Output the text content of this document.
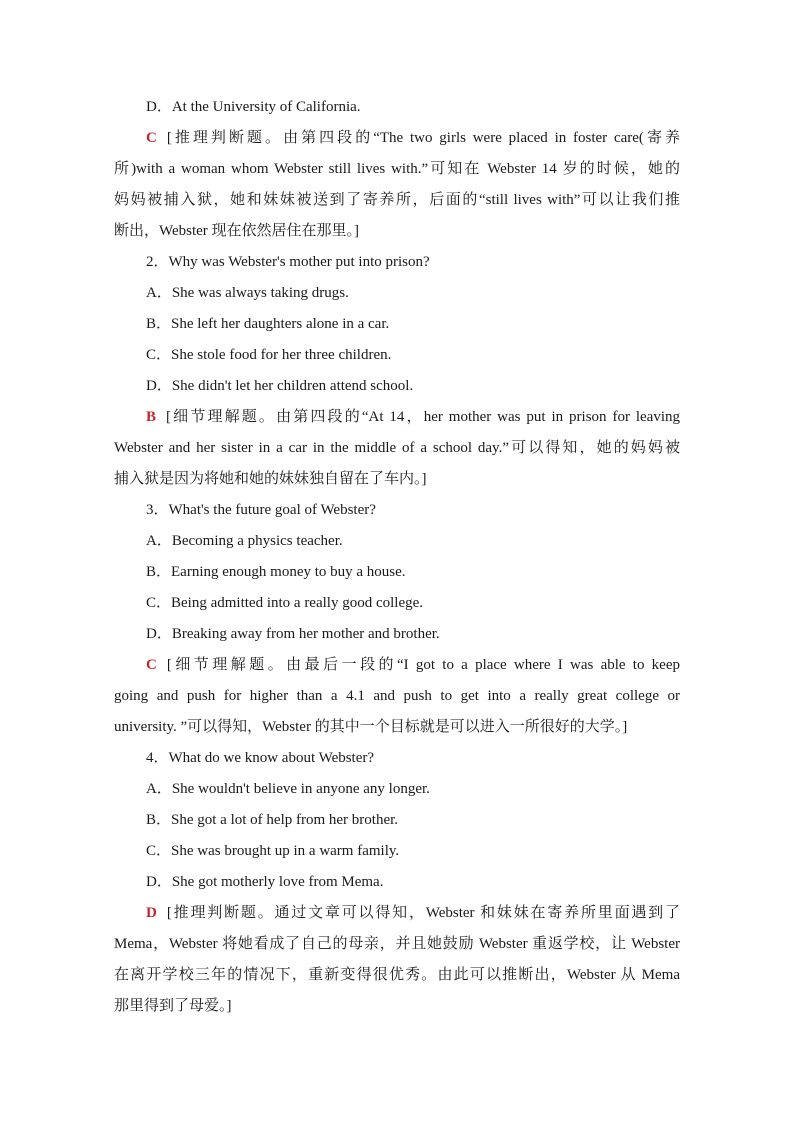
D．At the University of California.
C [推理判断题。由第四段的“The two girls were placed in foster care(寄养
所)with a woman whom Webster still lives with.”可知在 Webster 14 岁的时候，她的
妈妈被捕入狱，她和妹妹被送到了寄养所，后面的“still lives with”可以让我们推
断出，Webster 现在依然居住在那里。]
2．Why was Webster's mother put into prison?
A．She was always taking drugs.
B．She left her daughters alone in a car.
C．She stole food for her three children.
D．She didn't let her children attend school.
B [细节理解题。由第四段的“At 14，her mother was put in prison for leaving
Webster and her sister in a car in the middle of a school day.”可以得知，她的妈妈被
捕入狱是因为将她和她的妹妹独自留在了车内。]
3．What's the future goal of Webster?
A．Becoming a physics teacher.
B．Earning enough money to buy a house.
C．Being admitted into a really good college.
D．Breaking away from her mother and brother.
C [细节理解题。由最后一段的“I got to a place where I was able to keep
going and push for higher than a 4.1 and push to get into a really great college or
university. ”可以得知，Webster 的其中一个目标就是可以进入一所很好的大学。]
4．What do we know about Webster?
A．She wouldn't believe in anyone any longer.
B．She got a lot of help from her brother.
C．She was brought up in a warm family.
D．She got motherly love from Mema.
D [推理判断题。通过文章可以得知，Webster 和妹妹在寄养所里面遇到了
Mema，Webster 将她看成了自己的母亲，并且她鼓励 Webster 重返学校，让 Webster
在离开学校三年的情况下，重新变得很优秀。由此可以推断出，Webster 从 Mema
那里得到了母爱。]
